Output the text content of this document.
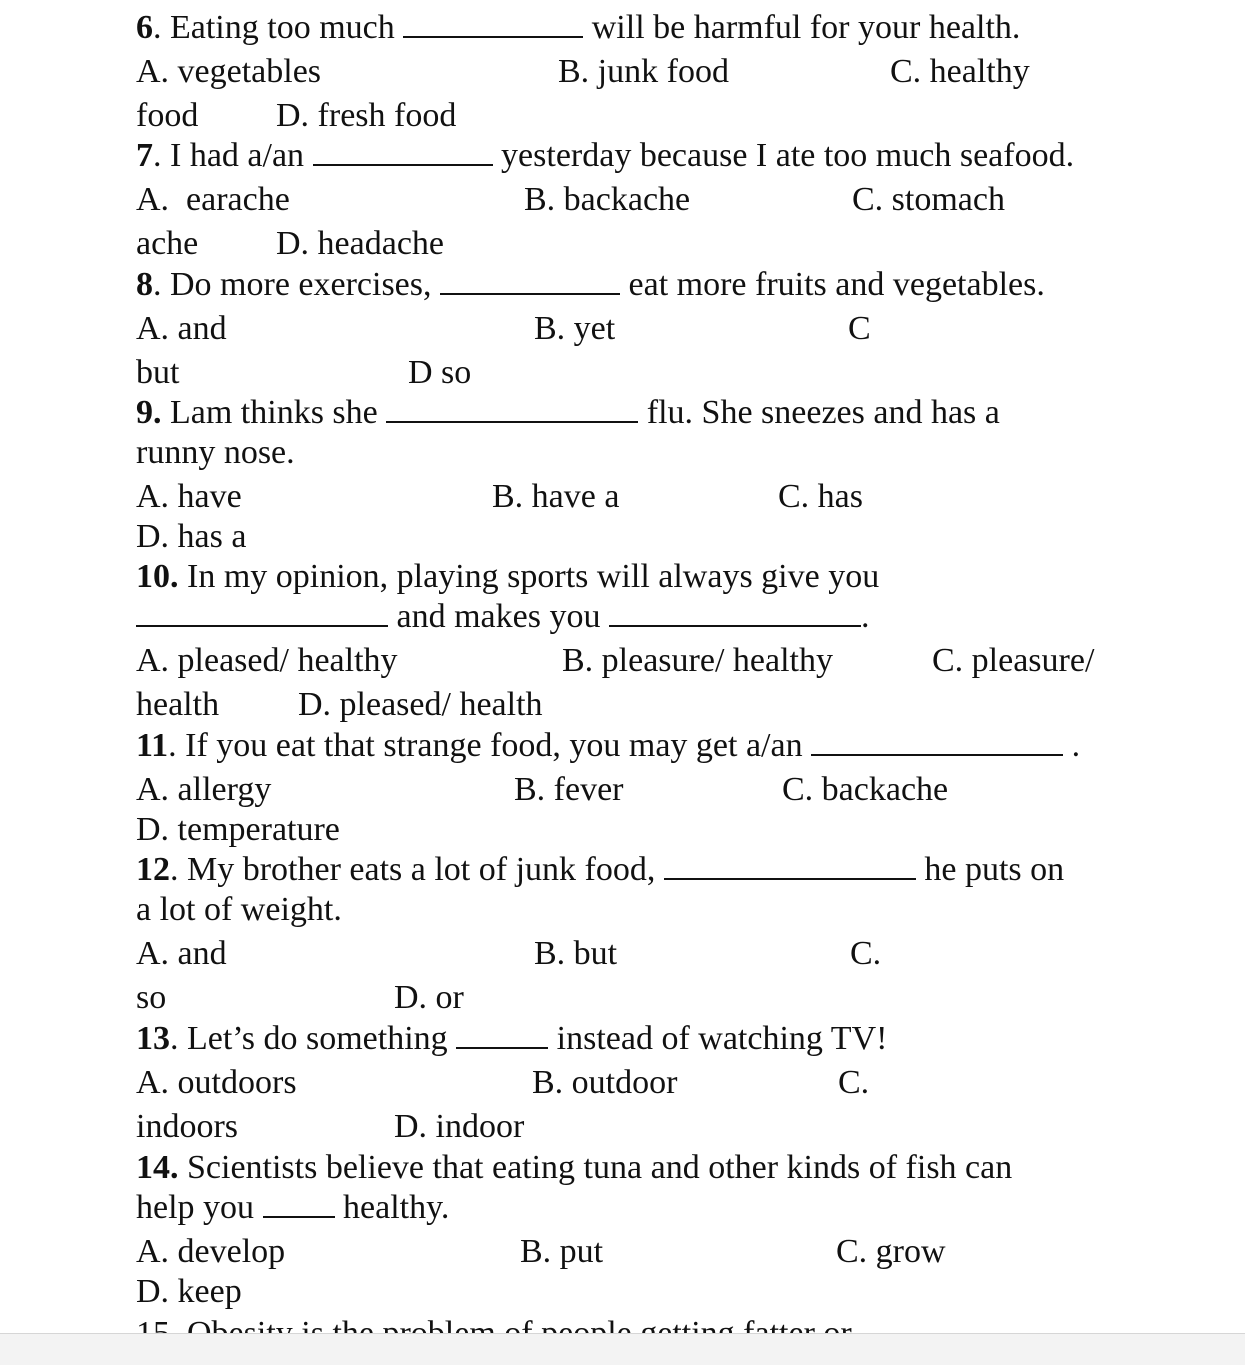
6. Eating too much	will be harmful for your health.
A. vegetables	B. junk food	C. healthy
food D. fresh food
7. I had a/an	yesterday because I ate too much seafood.
A.  earache	B. backache	C. stomach
ache D. headache
8. Do more exercises,	eat more fruits and vegetables.
A. and	B. yet	C
but	D so
9. Lam thinks she	flu. She sneezes and has a
runny nose.
A. have	B. have a	C. has
D. has a
10. In my opinion, playing sports will always give you
and makes you	.
A. pleased/ healthy	B. pleasure/ healthy	C. pleasure/
health D. pleased/ health
11. If you eat that strange food, you may get a/an	.
A. allergy	B. fever	C. backache
D. temperature
12. My brother eats a lot of junk food,	he puts on
a lot of weight.
A. and	B. but	C.
so	D. or
13. Let’s do something	instead of watching TV!
A. outdoors	B. outdoor	C.
indoors	D. indoor
14. Scientists believe that eating tuna and other kinds of fish can
help you  healthy.
A. develop	B. put	C. grow
D. keep
